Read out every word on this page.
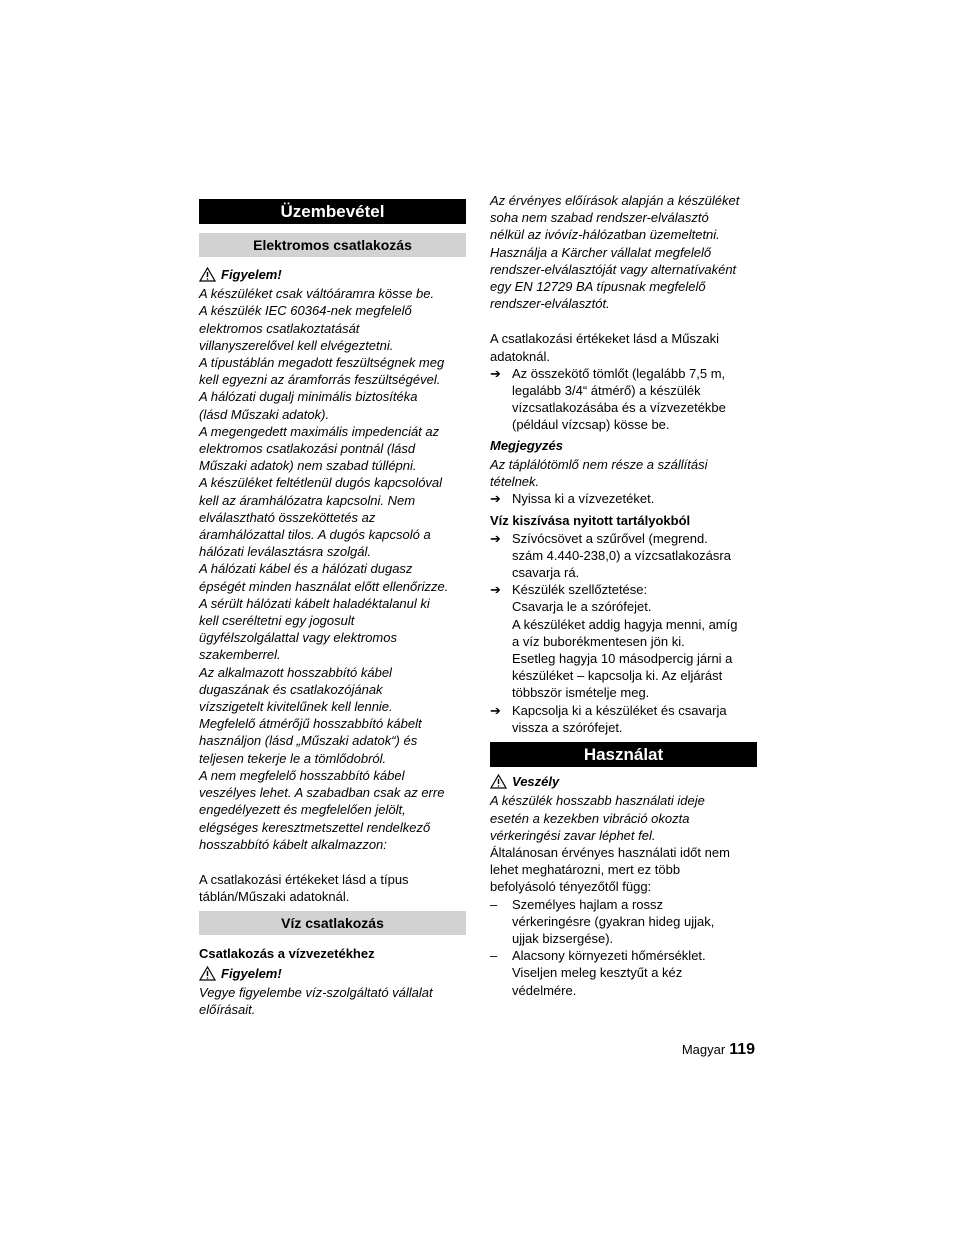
Üzembevétel
Elektromos csatlakozás
Figyelem!
A készüléket csak váltóáramra kösse be.
A készülék IEC 60364-nek megfelelő
elektromos csatlakoztatását
villanyszerelővel kell elvégeztetni.
A típustáblán megadott feszültségnek meg
kell egyezni az áramforrás feszültségével.
A hálózati dugalj minimális biztosítéka
(lásd Műszaki adatok).
A megengedett maximális impedenciát az
elektromos csatlakozási pontnál (lásd
Műszaki adatok) nem szabad túllépni.
A készüléket feltétlenül dugós kapcsolóval
kell az áramhálózatra kapcsolni. Nem
elválasztható összeköttetés az
áramhálózattal tilos. A dugós kapcsoló a
hálózati leválasztásra szolgál.
A hálózati kábel és a hálózati dugasz
épségét minden használat előtt ellenőrizze.
A sérült hálózati kábelt haladéktalanul ki
kell cseréltetni egy jogosult
ügyfélszolgálattal vagy elektromos
szakemberrel.
Az alkalmazott hosszabbító kábel
dugaszának és csatlakozójának
vízszigetelt kivitelűnek kell lennie.
Megfelelő átmérőjű hosszabbító kábelt
használjon (lásd „Műszaki adatok“) és
teljesen tekerje le a tömlődobról.
A nem megfelelő hosszabbító kábel
veszélyes lehet. A szabadban csak az erre
engedélyezett és megfelelően jelölt,
elégséges keresztmetszettel rendelkező
hosszabbító kábelt alkalmazzon:
A csatlakozási értékeket lásd a típus
táblán/Műszaki adatoknál.
Víz csatlakozás
Csatlakozás a vízvezetékhez
Figyelem!
Vegye figyelembe víz-szolgáltató vállalat
előírásait.
Az érvényes előírások alapján a készüléket
soha nem szabad rendszer-elválasztó
nélkül az ivóvíz-hálózatban üzemeltetni.
Használja a Kärcher vállalat megfelelő
rendszer-elválasztóját vagy alternatívaként
egy EN 12729 BA típusnak megfelelő
rendszer-elválasztót.
A csatlakozási értékeket lásd a Műszaki
adatoknál.
➔ Az összekötő tömlőt (legalább 7,5 m,
legalább 3/4“ átmérő) a készülék
vízcsatlakozásába és a vízvezetékbe
(például vízcsap) kösse be.
Megjegyzés
Az táplálótömlő nem része a szállítási
tételnek.
➔ Nyissa ki a vízvezetéket.
Víz kiszívása nyitott tartályokból
➔ Szívócsövet a szűrővel (megrend.
szám 4.440-238,0) a vízcsatlakozásra
csavarja rá.
➔ Készülék szellőztetése:
Csavarja le a szórófejet.
A készüléket addig hagyja menni, amíg
a víz buborékmentesen jön ki.
Esetleg hagyja 10 másodpercig járni a
készüléket – kapcsolja ki. Az eljárást
többször ismételje meg.
➔ Kapcsolja ki a készüléket és csavarja
vissza a szórófejet.
Használat
Veszély
A készülék hosszabb használati ideje
esetén a kezekben vibráció okozta
vérkeringési zavar léphet fel.
Általánosan érvényes használati időt nem
lehet meghatározni, mert ez több
befolyásoló tényezőtől függ:
– Személyes hajlam a rossz
vérkeringésre (gyakran hideg ujjak,
ujjak bizsergése).
– Alacsony környezeti hőmérséklet.
Viseljen meleg kesztyűt a kéz
védelmére.
Magyar 119
